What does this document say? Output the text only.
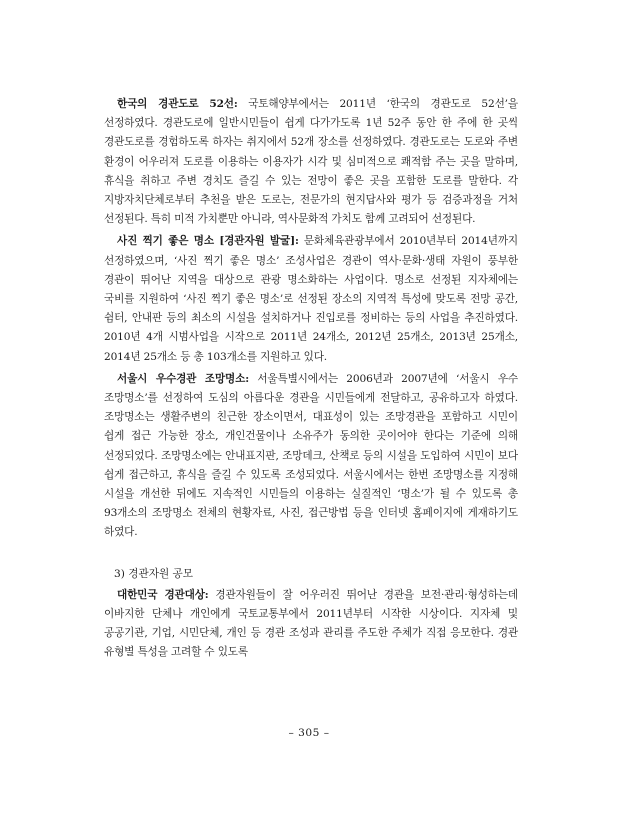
한국의 경관도로 52선: 국토해양부에서는 2011년 ‘한국의 경관도로 52선’을 선정하였다. 경관도로에 일반시민들이 쉽게 다가가도록 1년 52주 동안 한 주에 한 곳씩 경관도로를 경험하도록 하자는 취지에서 52개 장소를 선정하였다. 경관도로는 도로와 주변 환경이 어우러져 도로를 이용하는 이용자가 시각 및 심미적으로 쾌적함 주는 곳을 말하며, 휴식을 취하고 주변 경치도 즐길 수 있는 전망이 좋은 곳을 포함한 도로를 말한다. 각 지방자치단체로부터 추천을 받은 도로는, 전문가의 현지답사와 평가 등 검증과정을 거처 선정된다. 특히 미적 가치뿐만 아니라, 역사문화적 가치도 함께 고려되어 선정된다.

사진 찍기 좋은 명소 [경관자원 발굴]: 문화체육관광부에서 2010년부터 2014년까지 선정하였으며, ‘사진 찍기 좋은 명소’ 조성사업은 경관이 역사·문화·생태 자원이 풍부한 경관이 뛰어난 지역을 대상으로 관광 명소화하는 사업이다. 명소로 선정된 지자체에는 국비를 지원하여 ‘사진 찍기 좋은 명소’로 선정된 장소의 지역적 특성에 맞도록 전망 공간, 쉼터, 안내판 등의 최소의 시설을 설치하거나 진입로를 정비하는 등의 사업을 추진하였다. 2010년 4개 시범사업을 시작으로 2011년 24개소, 2012년 25개소, 2013년 25개소, 2014년 25개소 등 총 103개소를 지원하고 있다.

서울시 우수경관 조망명소: 서울특별시에서는 2006년과 2007년에 ‘서울시 우수 조망명소’를 선정하여 도심의 아름다운 경관을 시민들에게 전달하고, 공유하고자 하였다. 조망명소는 생활주변의 친근한 장소이면서, 대표성이 있는 조망경관을 포함하고 시민이 쉽게 접근 가능한 장소, 개인건물이나 소유주가 동의한 곳이어야 한다는 기준에 의해 선정되었다. 조망명소에는 안내표지판, 조망데크, 산책로 등의 시설을 도입하여 시민이 보다 쉽게 접근하고, 휴식을 즐길 수 있도록 조성되었다. 서울시에서는 한번 조망명소를 지정해 시설을 개선한 뒤에도 지속적인 시민들의 이용하는 실질적인 ‘명소’가 될 수 있도록 총 93개소의 조망명소 전체의 현황자료, 사진, 접근방법 등을 인터넷 홈페이지에 게재하기도 하였다.

3) 경관자원 공모

대한민국 경관대상: 경관자원들이 잘 어우러진 뛰어난 경관을 보전·관리·형성하는데 이바지한 단체나 개인에게 국토교통부에서 2011년부터 시작한 시상이다. 지자체 및 공공기관, 기업, 시민단체, 개인 등 경관 조성과 관리를 주도한 주체가 직접 응모한다. 경관 유형별 특성을 고려할 수 있도록

– 305 –
